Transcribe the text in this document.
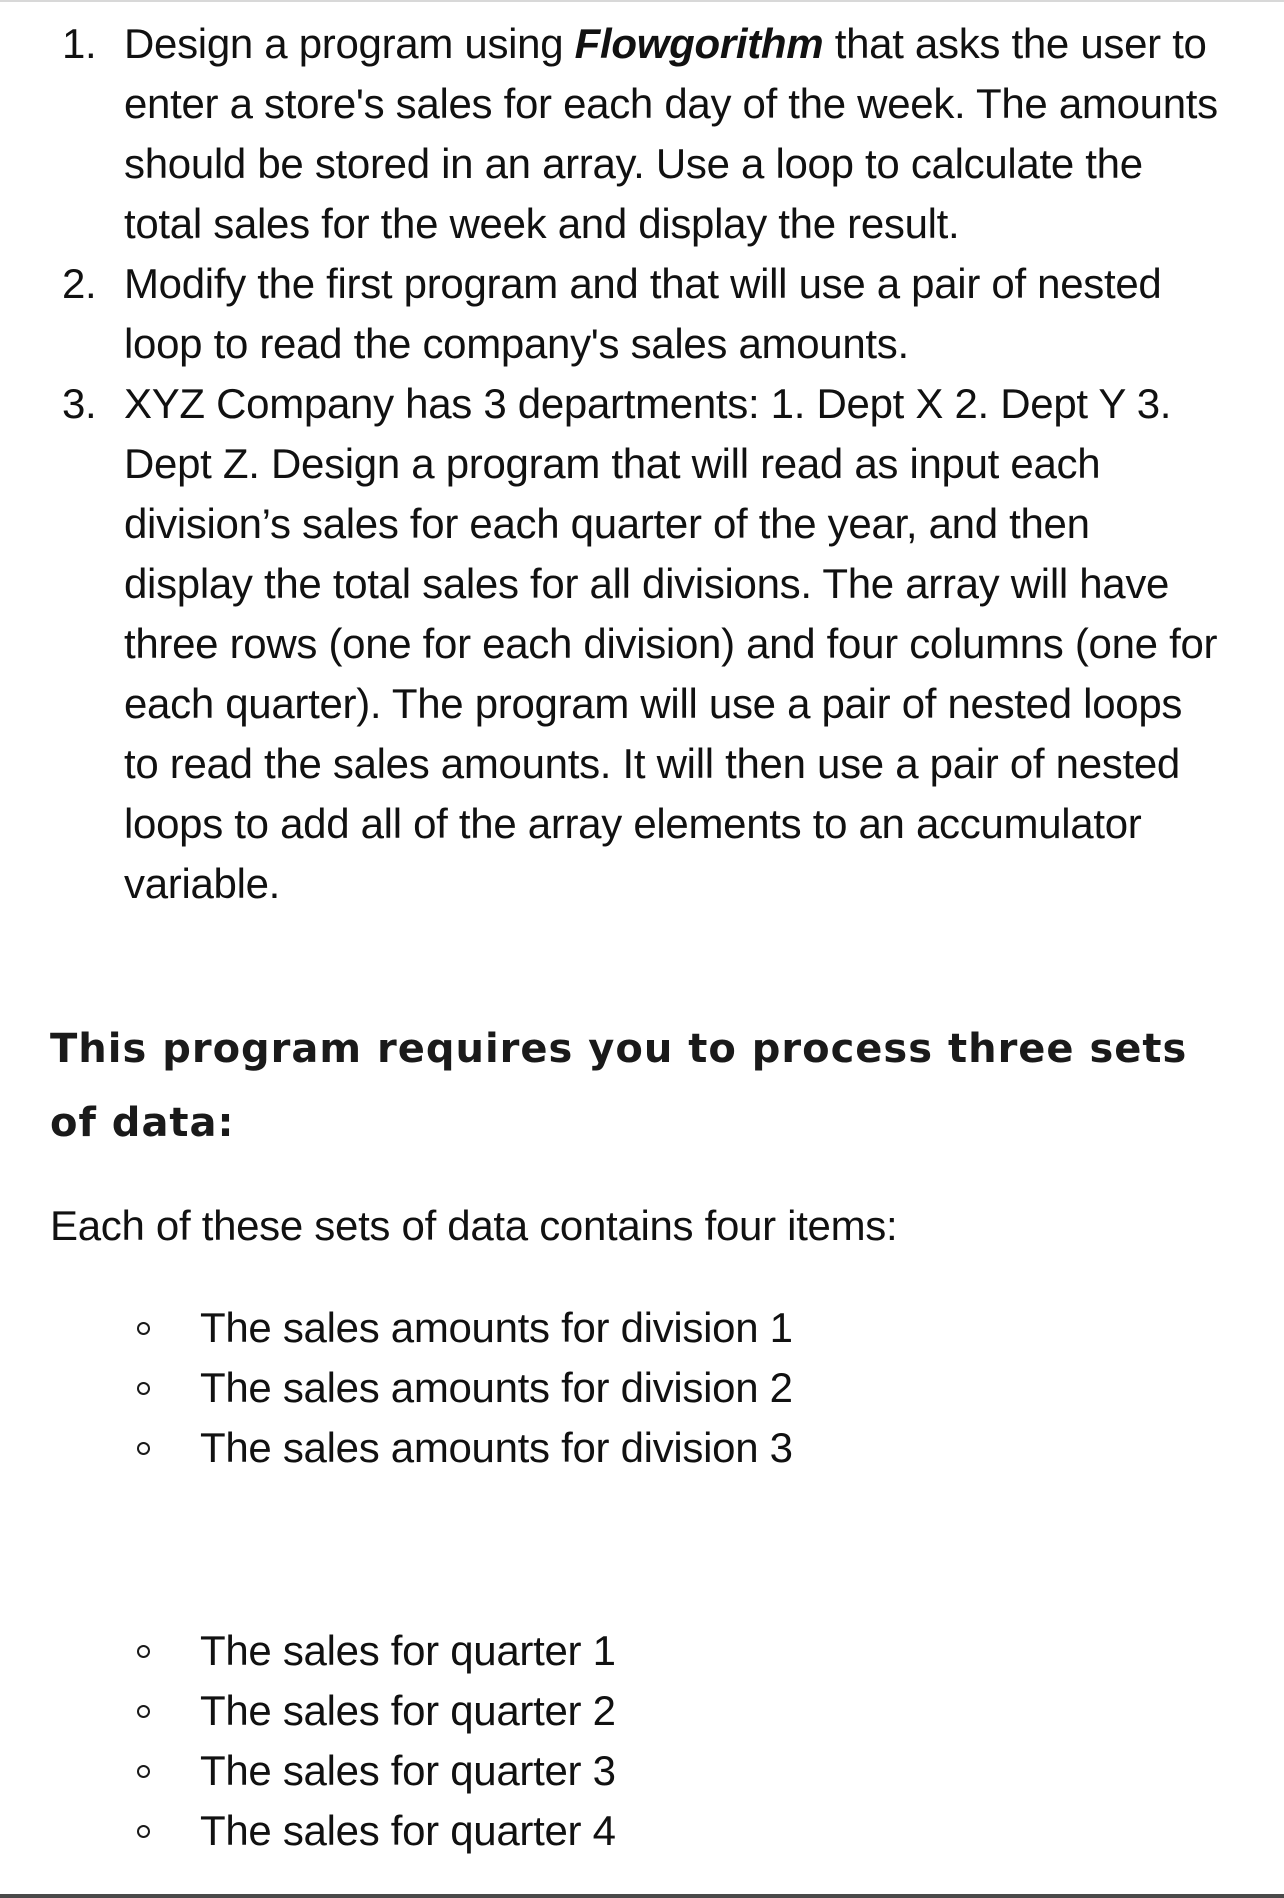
1. Design a program using Flowgorithm that asks the user to enter a store's sales for each day of the week. The amounts should be stored in an array. Use a loop to calculate the total sales for the week and display the result.
2. Modify the first program and that will use a pair of nested loop to read the company's sales amounts.
3. XYZ Company has 3 departments: 1. Dept X 2. Dept Y 3. Dept Z. Design a program that will read as input each division’s sales for each quarter of the year, and then display the total sales for all divisions. The array will have three rows (one for each division) and four columns (one for each quarter). The program will use a pair of nested loops to read the sales amounts. It will then use a pair of nested loops to add all of the array elements to an accumulator variable.

This program requires you to process three sets of data:

Each of these sets of data contains four items:

The sales amounts for division 1
The sales amounts for division 2
The sales amounts for division 3
The sales for quarter 1
The sales for quarter 2
The sales for quarter 3
The sales for quarter 4
